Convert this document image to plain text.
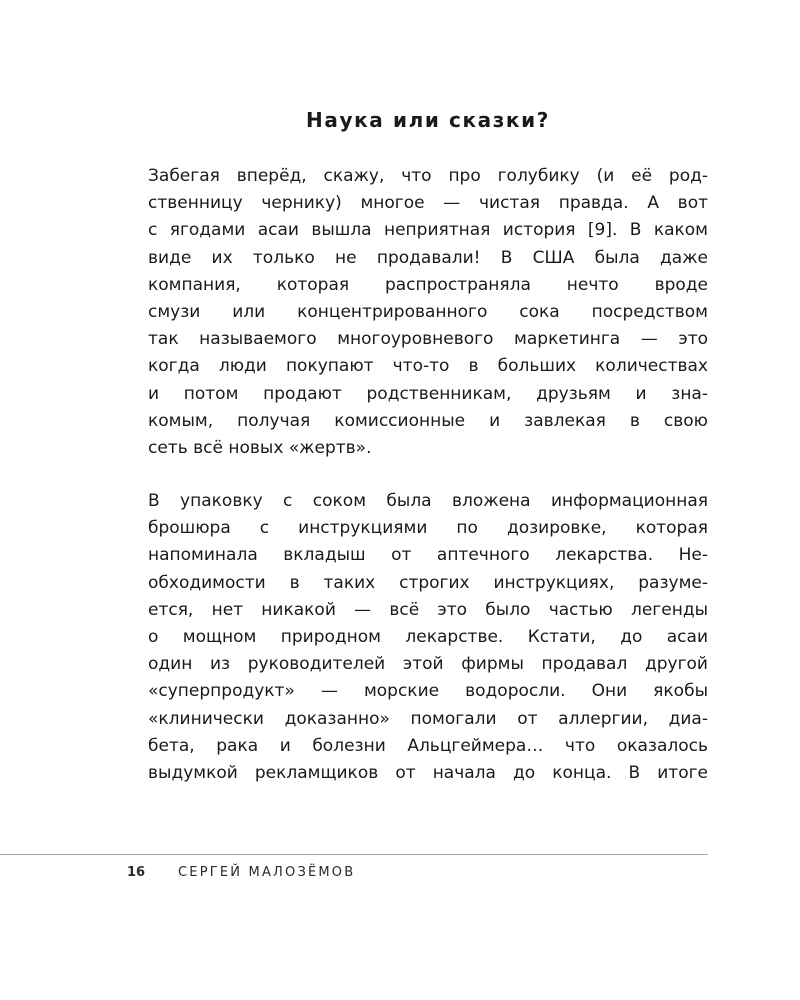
Наука или сказки?
Забегая вперёд, скажу, что про голубику (и её род-
ственницу чернику) многое — чистая правда. А вот
с ягодами асаи вышла неприятная история [9]. В каком
виде их только не продавали! В США была даже
компания, которая распространяла нечто вроде
смузи или концентрированного сока посредством
так называемого многоуровневого маркетинга — это
когда люди покупают что-то в больших количествах
и потом продают родственникам, друзьям и зна-
комым, получая комиссионные и завлекая в свою
сеть всё новых «жертв».
В упаковку с соком была вложена информационная
брошюра с инструкциями по дозировке, которая
напоминала вкладыш от аптечного лекарства. Не-
обходимости в таких строгих инструкциях, разуме-
ется, нет никакой — всё это было частью легенды
о мощном природном лекарстве. Кстати, до асаи
один из руководителей этой фирмы продавал другой
«суперпродукт» — морские водоросли. Они якобы
«клинически доказанно» помогали от аллергии, диа-
бета, рака и болезни Альцгеймера… что оказалось
выдумкой рекламщиков от начала до конца. В итоге
16	СЕРГЕЙ МАЛОЗЁМОВ
